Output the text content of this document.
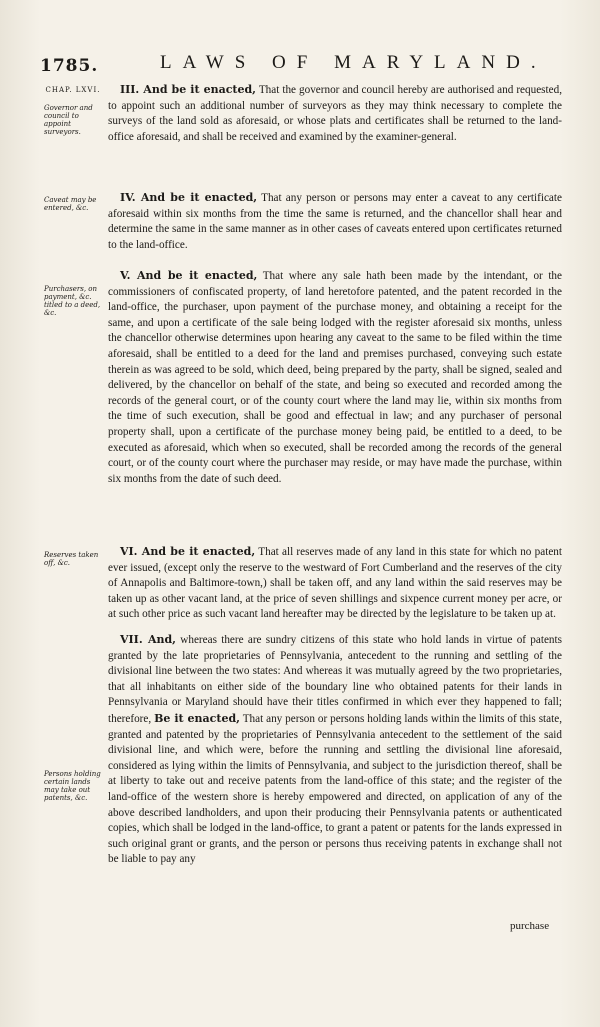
1785.	LAWS OF MARYLAND.
CHAP. LXVI.
Governor and council to appoint surveyors.
Caveat may be entered, &c.
Purchasers, on payment, &c. titled to a deed, &c.
Reserves taken off, &c.
Persons holding certain lands may take out patents, &c.

III. And be it enacted, That the governor and council hereby are authorised and requested, to appoint such an additional number of surveyors as they may think necessary to complete the surveys of the land sold as aforesaid, or whose plats and certificates shall be returned to the land-office aforesaid, and shall be received and examined by the examiner-general.

IV. And be it enacted, That any person or persons may enter a caveat to any certificate aforesaid within six months from the time the same is returned, and the chancellor shall hear and determine the same in the same manner as in other cases of caveats entered upon certificates returned to the land-office.

V. And be it enacted, That where any sale hath been made by the intendant, or the commissioners of confiscated property, of land heretofore patented, and the patent recorded in the land-office, the purchaser, upon payment of the purchase money, and obtaining a receipt for the same, and upon a certificate of the sale being lodged with the register aforesaid six months, unless the chancellor otherwise determines upon hearing any caveat to the same to be filed within the time aforesaid, shall be entitled to a deed for the land and premises purchased, conveying such estate therein as was agreed to be sold, which deed, being prepared by the party, shall be signed, sealed and delivered, by the chancellor on behalf of the state, and being so executed and recorded among the records of the general court, or of the county court where the land may lie, within six months from the time of such execution, shall be good and effectual in law; and any purchaser of personal property shall, upon a certificate of the purchase money being paid, be entitled to a deed, to be executed as aforesaid, which when so executed, shall be recorded among the records of the general court, or of the county court where the purchaser may reside, or may have made the purchase, within six months from the date of such deed.

VI. And be it enacted, That all reserves made of any land in this state for which no patent ever issued, (except only the reserve to the westward of Fort Cumberland and the reserves of the city of Annapolis and Baltimore-town,) shall be taken off, and any land within the said reserves may be taken up as other vacant land, at the price of seven shillings and sixpence current money per acre, or at such other price as such vacant land hereafter may be directed by the legislature to be taken up at.

VII. And, whereas there are sundry citizens of this state who hold lands in virtue of patents granted by the late proprietaries of Pennsylvania, antecedent to the running and settling of the divisional line between the two states: And whereas it was mutually agreed by the two proprietaries, that all inhabitants on either side of the boundary line who obtained patents for their lands in Pennsylvania or Maryland should have their titles confirmed in which ever they happened to fall; therefore, Be it enacted, That any person or persons holding lands within the limits of this state, granted and patented by the proprietaries of Pennsylvania antecedent to the settlement of the said divisional line, and which were, before the running and settling the divisional line aforesaid, considered as lying within the limits of Pennsylvania, and subject to the jurisdiction thereof, shall be at liberty to take out and receive patents from the land-office of this state; and the register of the land-office of the western shore is hereby empowered and directed, on application of any of the above described landholders, and upon their producing their Pennsylvania patents or authenticated copies, which shall be lodged in the land-office, to grant a patent or patents for the lands expressed in such original grant or grants, and the person or persons thus receiving patents in exchange shall not be liable to pay any

purchase
